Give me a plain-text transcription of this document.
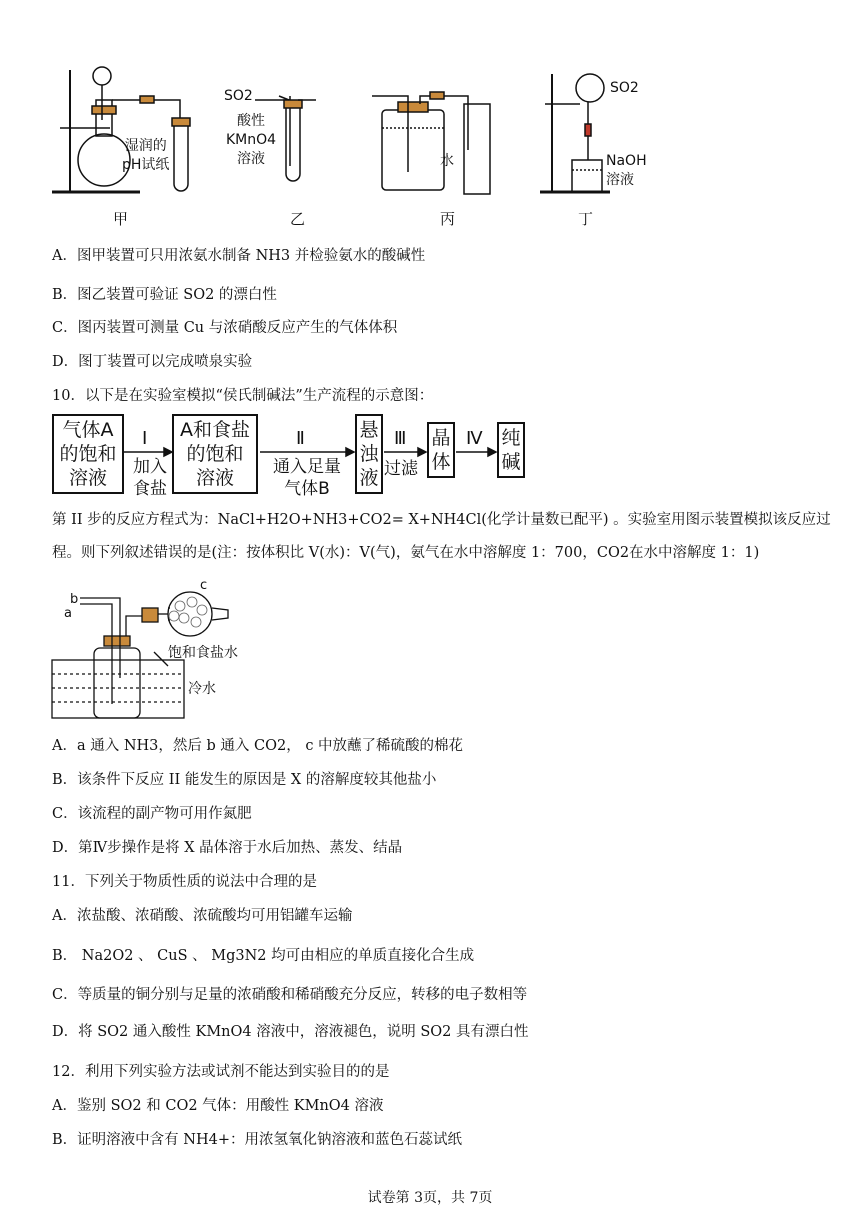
湿润的
pH试纸
SO2
酸性
KMnO4
溶液	水
SO2
NaOH
溶液
甲	乙	丙	丁
A．图甲装置可只用浓氨水制备 NH3 并检验氨水的酸碱性
B．图乙装置可验证 SO2 的漂白性
C．图丙装置可测量 Cu 与浓硝酸反应产生的气体体积
D．图丁装置可以完成喷泉实验
10．以下是在实验室模拟“侯氏制碱法”生产流程的示意图：
气体A
的饱和
溶液
A和食盐
的饱和
溶液
悬
浊
液
晶
体
纯
碱
Ⅰ	Ⅱ	Ⅲ	Ⅳ
加入
食盐
通入足量
气体B
过滤
第 II 步的反应方程式为：NaCl+H2O+NH3+CO2= X+NH4Cl(化学计量数已配平) 。实验室用图示装置模拟该反应过
程。则下列叙述错误的是(注：按体积比 V(水)：V(气)，氨气在水中溶解度 1：700，CO2在水中溶解度 1：1)
a
b
c
饱和食盐水
冷水
A．a 通入 NH3，然后 b 通入 CO2， c 中放蘸了稀硫酸的棉花
B．该条件下反应 II 能发生的原因是 X 的溶解度较其他盐小
C．该流程的副产物可用作氮肥
D．第Ⅳ步操作是将 X 晶体溶于水后加热、蒸发、结晶
11．下列关于物质性质的说法中合理的是
A．浓盐酸、浓硝酸、浓硫酸均可用铝罐车运输
B． Na2O2 、 CuS 、 Mg3N2 均可由相应的单质直接化合生成
C．等质量的铜分别与足量的浓硝酸和稀硝酸充分反应，转移的电子数相等
D．将 SO2 通入酸性 KMnO4 溶液中，溶液褪色，说明 SO2 具有漂白性
12．利用下列实验方法或试剂不能达到实验目的的是
A．鉴别 SO2 和 CO2 气体：用酸性 KMnO4 溶液
B．证明溶液中含有 NH4+：用浓氢氧化钠溶液和蓝色石蕊试纸
试卷第 3页，共 7页
